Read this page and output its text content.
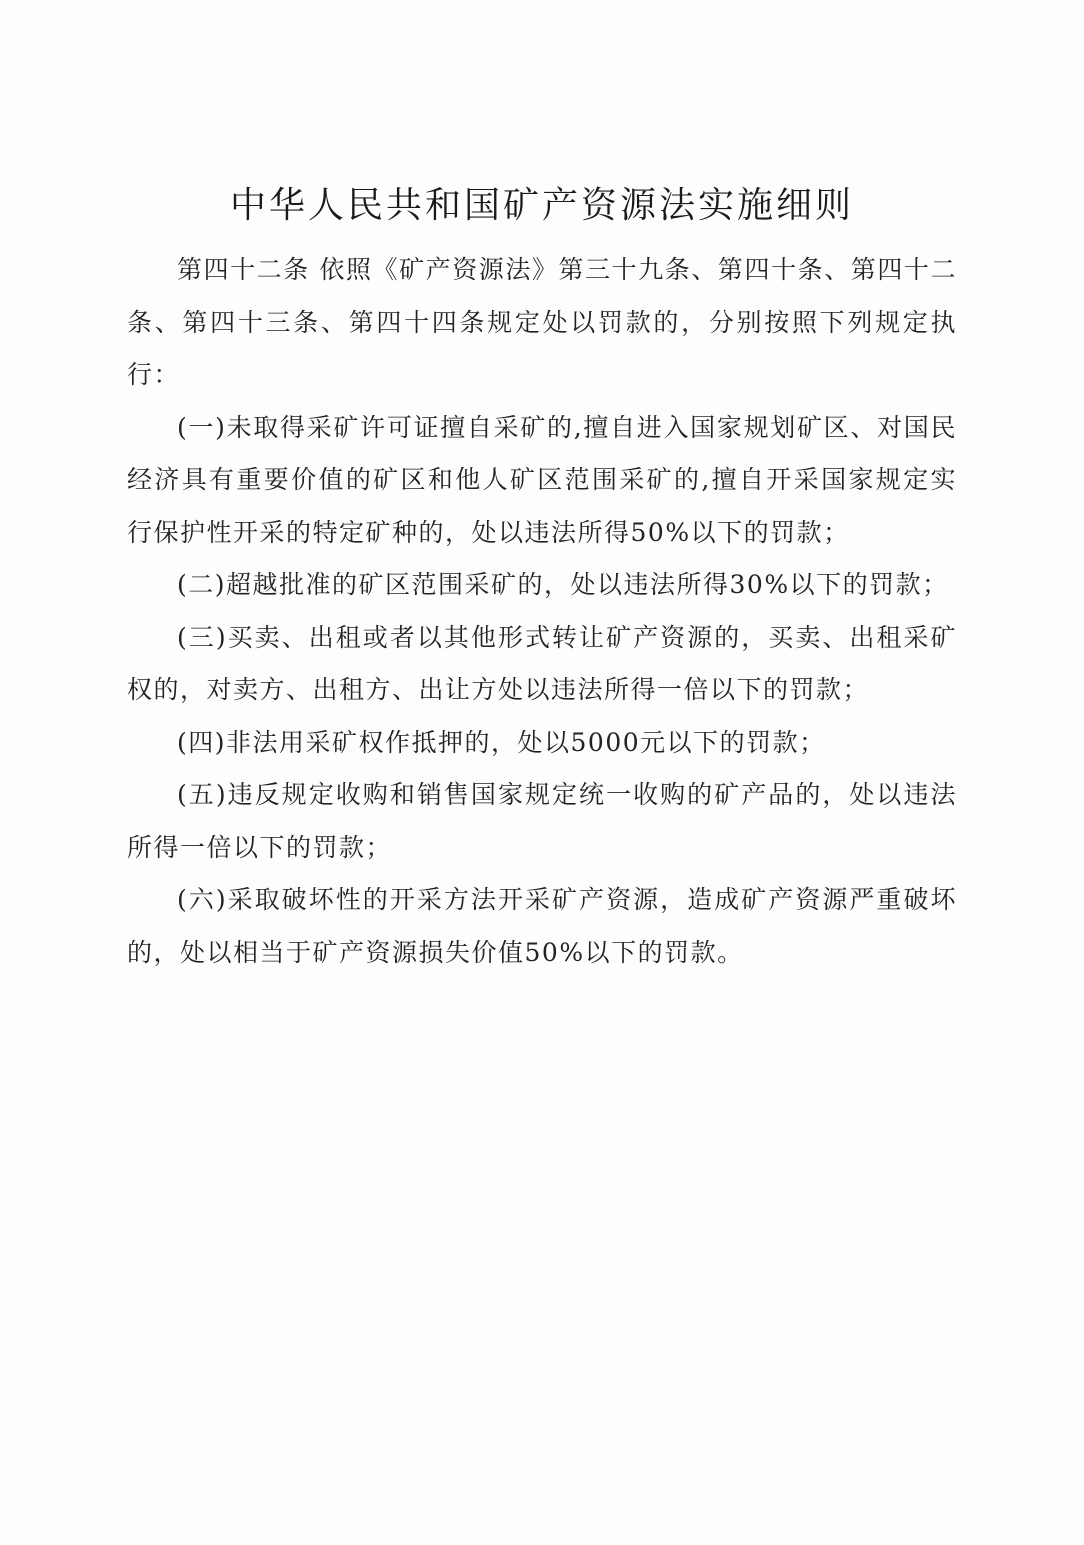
中华人民共和国矿产资源法实施细则

第四十二条 依照《矿产资源法》第三十九条、第四十条、第四十二条、第四十三条、第四十四条规定处以罚款的，分别按照下列规定执行：

(一)未取得采矿许可证擅自采矿的,擅自进入国家规划矿区、对国民经济具有重要价值的矿区和他人矿区范围采矿的,擅自开采国家规定实行保护性开采的特定矿种的，处以违法所得50%以下的罚款；

(二)超越批准的矿区范围采矿的，处以违法所得30%以下的罚款；

(三)买卖、出租或者以其他形式转让矿产资源的，买卖、出租采矿权的，对卖方、出租方、出让方处以违法所得一倍以下的罚款；

(四)非法用采矿权作抵押的，处以5000元以下的罚款；

(五)违反规定收购和销售国家规定统一收购的矿产品的，处以违法所得一倍以下的罚款；

(六)采取破坏性的开采方法开采矿产资源，造成矿产资源严重破坏的，处以相当于矿产资源损失价值50%以下的罚款。
